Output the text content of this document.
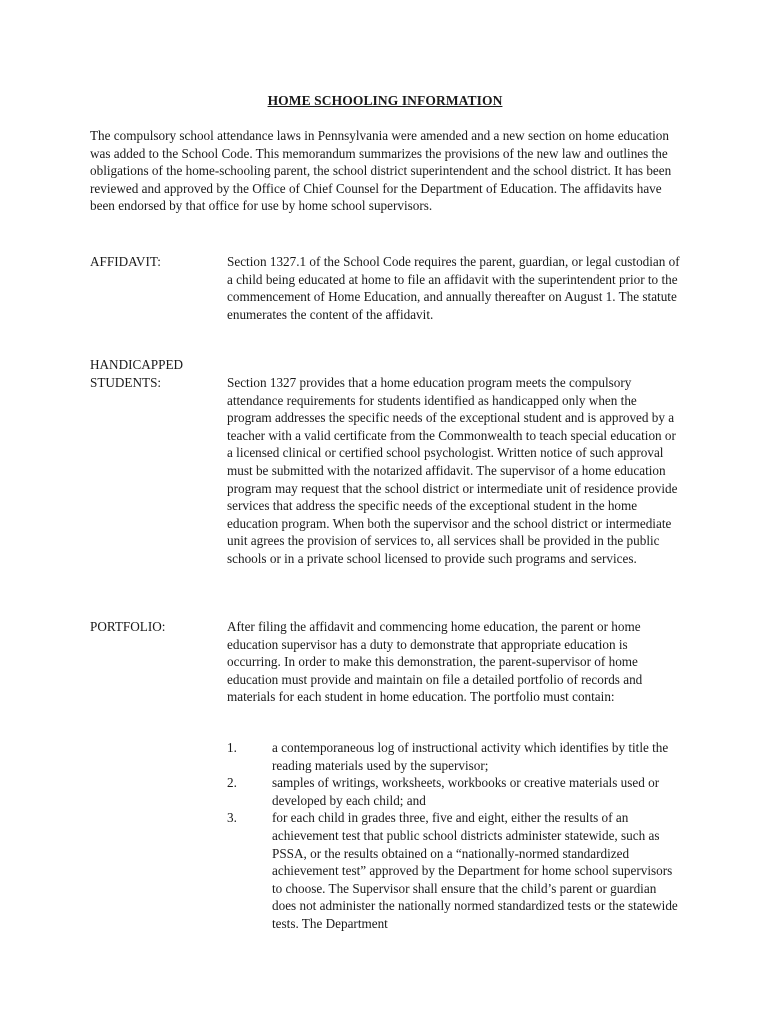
HOME SCHOOLING INFORMATION
The compulsory school attendance laws in Pennsylvania were amended and a new section on home education was added to the School Code. This memorandum summarizes the provisions of the new law and outlines the obligations of the home-schooling parent, the school district superintendent and the school district. It has been reviewed and approved by the Office of Chief Counsel for the Department of Education. The affidavits have been endorsed by that office for use by home school supervisors.
AFFIDAVIT:	Section 1327.1 of the School Code requires the parent, guardian, or legal custodian of a child being educated at home to file an affidavit with the superintendent prior to the commencement of Home Education, and annually thereafter on August 1. The statute enumerates the content of the affidavit.
HANDICAPPED STUDENTS:	Section 1327 provides that a home education program meets the compulsory attendance requirements for students identified as handicapped only when the program addresses the specific needs of the exceptional student and is approved by a teacher with a valid certificate from the Commonwealth to teach special education or a licensed clinical or certified school psychologist. Written notice of such approval must be submitted with the notarized affidavit. The supervisor of a home education program may request that the school district or intermediate unit of residence provide services that address the specific needs of the exceptional student in the home education program. When both the supervisor and the school district or intermediate unit agrees the provision of services to, all services shall be provided in the public schools or in a private school licensed to provide such programs and services.
PORTFOLIO:	After filing the affidavit and commencing home education, the parent or home education supervisor has a duty to demonstrate that appropriate education is occurring. In order to make this demonstration, the parent-supervisor of home education must provide and maintain on file a detailed portfolio of records and materials for each student in home education. The portfolio must contain:
1.	a contemporaneous log of instructional activity which identifies by title the reading materials used by the supervisor;
2.	samples of writings, worksheets, workbooks or creative materials used or developed by each child; and
3.	for each child in grades three, five and eight, either the results of an achievement test that public school districts administer statewide, such as PSSA, or the results obtained on a “nationally-normed standardized achievement test” approved by the Department for home school supervisors to choose. The Supervisor shall ensure that the child’s parent or guardian does not administer the nationally normed standardized tests or the statewide tests. The Department
